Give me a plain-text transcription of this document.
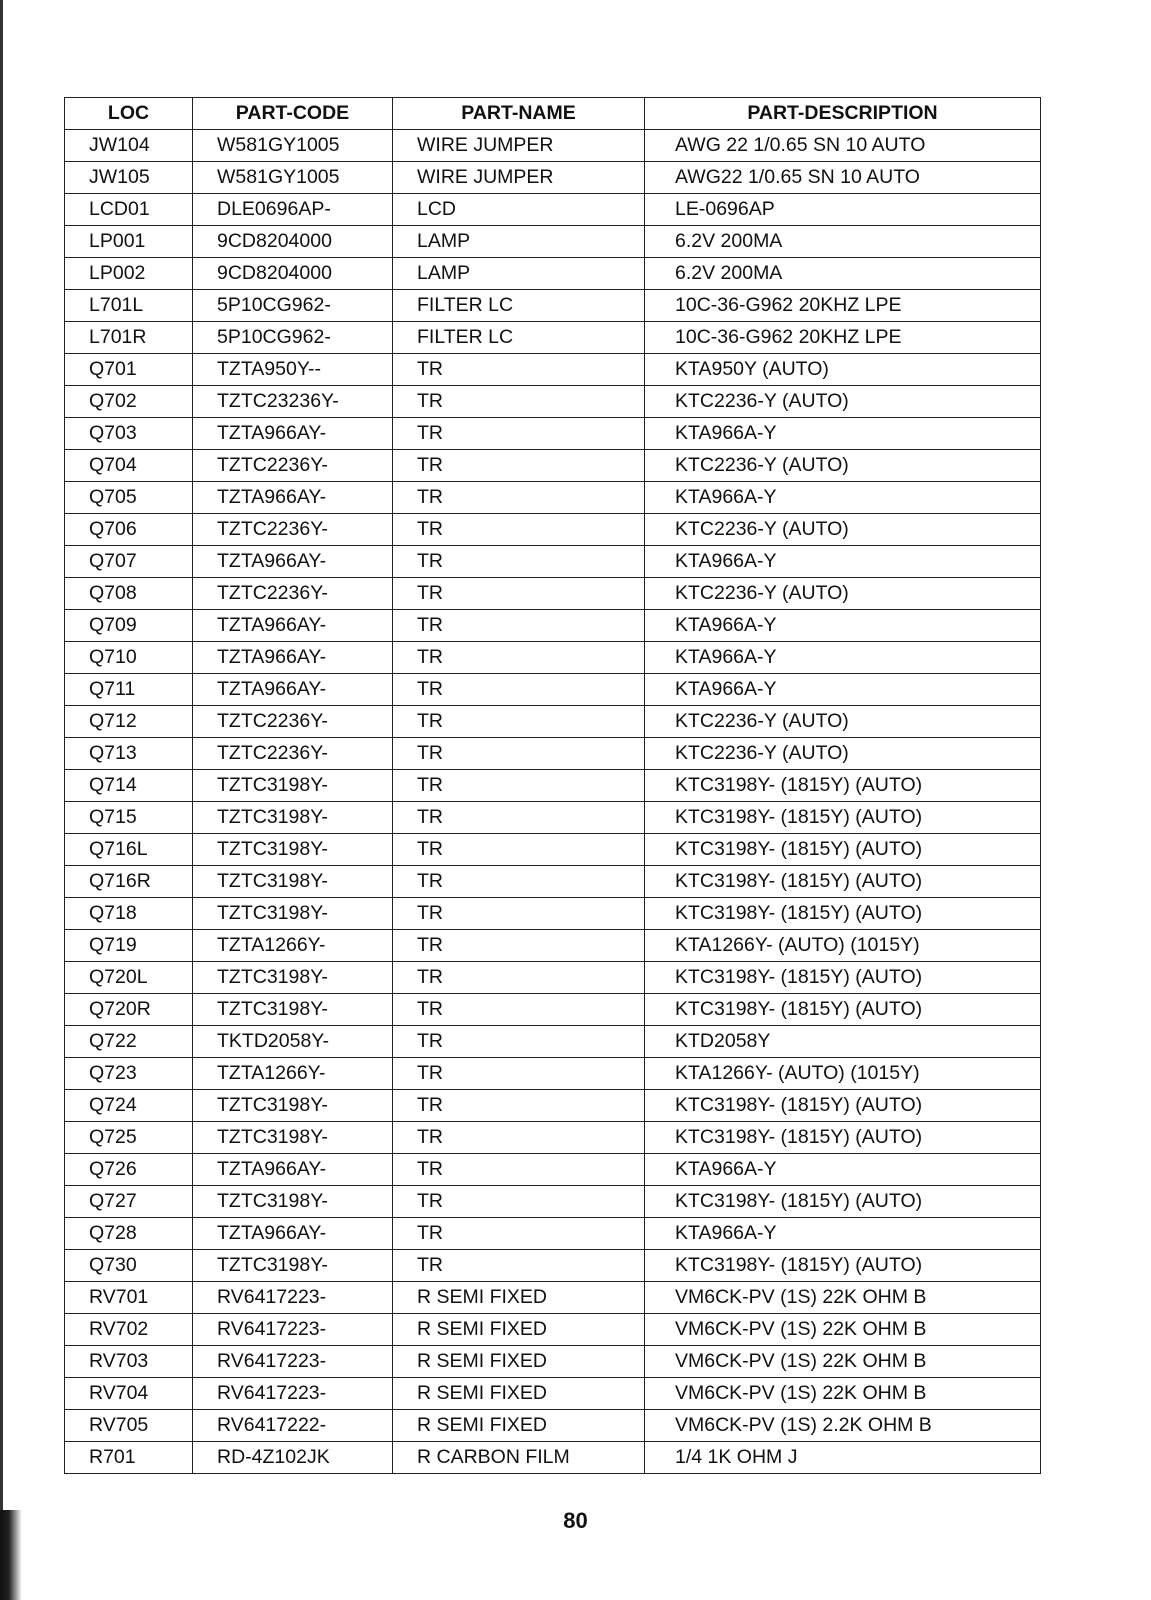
LOC	PART-CODE	PART-NAME	PART-DESCRIPTION
JW104	W581GY1005	WIRE JUMPER	AWG 22 1/0.65 SN 10 AUTO
JW105	W581GY1005	WIRE JUMPER	AWG22 1/0.65 SN 10 AUTO
LCD01	DLE0696AP-	LCD	LE-0696AP
LP001	9CD8204000	LAMP	6.2V 200MA
LP002	9CD8204000	LAMP	6.2V 200MA
L701L	5P10CG962-	FILTER LC	10C-36-G962 20KHZ LPE
L701R	5P10CG962-	FILTER LC	10C-36-G962 20KHZ LPE
Q701	TZTA950Y--	TR	KTA950Y (AUTO)
Q702	TZTC23236Y-	TR	KTC2236-Y (AUTO)
Q703	TZTA966AY-	TR	KTA966A-Y
Q704	TZTC2236Y-	TR	KTC2236-Y (AUTO)
Q705	TZTA966AY-	TR	KTA966A-Y
Q706	TZTC2236Y-	TR	KTC2236-Y (AUTO)
Q707	TZTA966AY-	TR	KTA966A-Y
Q708	TZTC2236Y-	TR	KTC2236-Y (AUTO)
Q709	TZTA966AY-	TR	KTA966A-Y
Q710	TZTA966AY-	TR	KTA966A-Y
Q711	TZTA966AY-	TR	KTA966A-Y
Q712	TZTC2236Y-	TR	KTC2236-Y (AUTO)
Q713	TZTC2236Y-	TR	KTC2236-Y (AUTO)
Q714	TZTC3198Y-	TR	KTC3198Y- (1815Y) (AUTO)
Q715	TZTC3198Y-	TR	KTC3198Y- (1815Y) (AUTO)
Q716L	TZTC3198Y-	TR	KTC3198Y- (1815Y) (AUTO)
Q716R	TZTC3198Y-	TR	KTC3198Y- (1815Y) (AUTO)
Q718	TZTC3198Y-	TR	KTC3198Y- (1815Y) (AUTO)
Q719	TZTA1266Y-	TR	KTA1266Y- (AUTO) (1015Y)
Q720L	TZTC3198Y-	TR	KTC3198Y- (1815Y) (AUTO)
Q720R	TZTC3198Y-	TR	KTC3198Y- (1815Y) (AUTO)
Q722	TKTD2058Y-	TR	KTD2058Y
Q723	TZTA1266Y-	TR	KTA1266Y- (AUTO) (1015Y)
Q724	TZTC3198Y-	TR	KTC3198Y- (1815Y) (AUTO)
Q725	TZTC3198Y-	TR	KTC3198Y- (1815Y) (AUTO)
Q726	TZTA966AY-	TR	KTA966A-Y
Q727	TZTC3198Y-	TR	KTC3198Y- (1815Y) (AUTO)
Q728	TZTA966AY-	TR	KTA966A-Y
Q730	TZTC3198Y-	TR	KTC3198Y- (1815Y) (AUTO)
RV701	RV6417223-	R SEMI FIXED	VM6CK-PV (1S) 22K OHM B
RV702	RV6417223-	R SEMI FIXED	VM6CK-PV (1S) 22K OHM B
RV703	RV6417223-	R SEMI FIXED	VM6CK-PV (1S) 22K OHM B
RV704	RV6417223-	R SEMI FIXED	VM6CK-PV (1S) 22K OHM B
RV705	RV6417222-	R SEMI FIXED	VM6CK-PV (1S) 2.2K OHM B
R701	RD-4Z102JK	R CARBON FILM	1/4 1K OHM J
80
